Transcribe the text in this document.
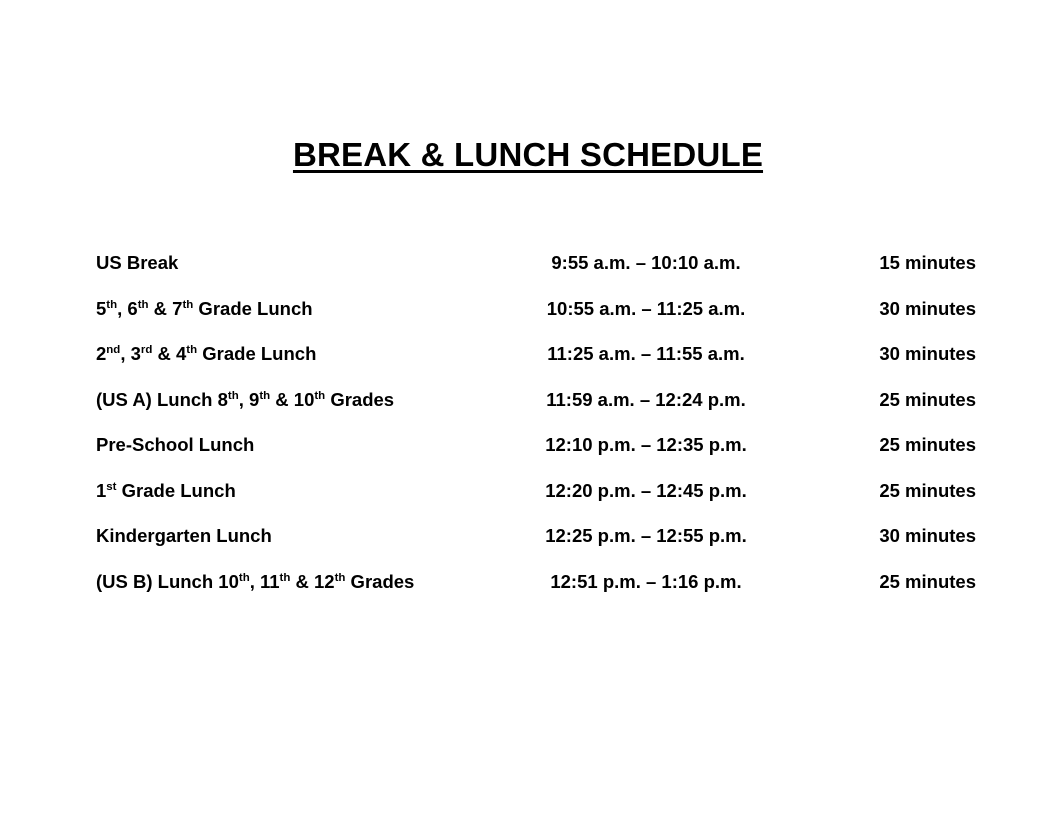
BREAK & LUNCH SCHEDULE
US Break	9:55 a.m. – 10:10 a.m.	15 minutes
5th, 6th & 7th Grade Lunch	10:55 a.m. – 11:25 a.m.	30 minutes
2nd, 3rd & 4th Grade Lunch	11:25 a.m. – 11:55 a.m.	30 minutes
(US A) Lunch 8th, 9th & 10th Grades	11:59 a.m. – 12:24 p.m.	25 minutes
Pre-School Lunch	12:10 p.m. – 12:35 p.m.	25 minutes
1st Grade Lunch	12:20 p.m. – 12:45 p.m.	25 minutes
Kindergarten Lunch	12:25 p.m. – 12:55 p.m.	30 minutes
(US B) Lunch 10th, 11th & 12th Grades	12:51 p.m. – 1:16 p.m.	25 minutes
